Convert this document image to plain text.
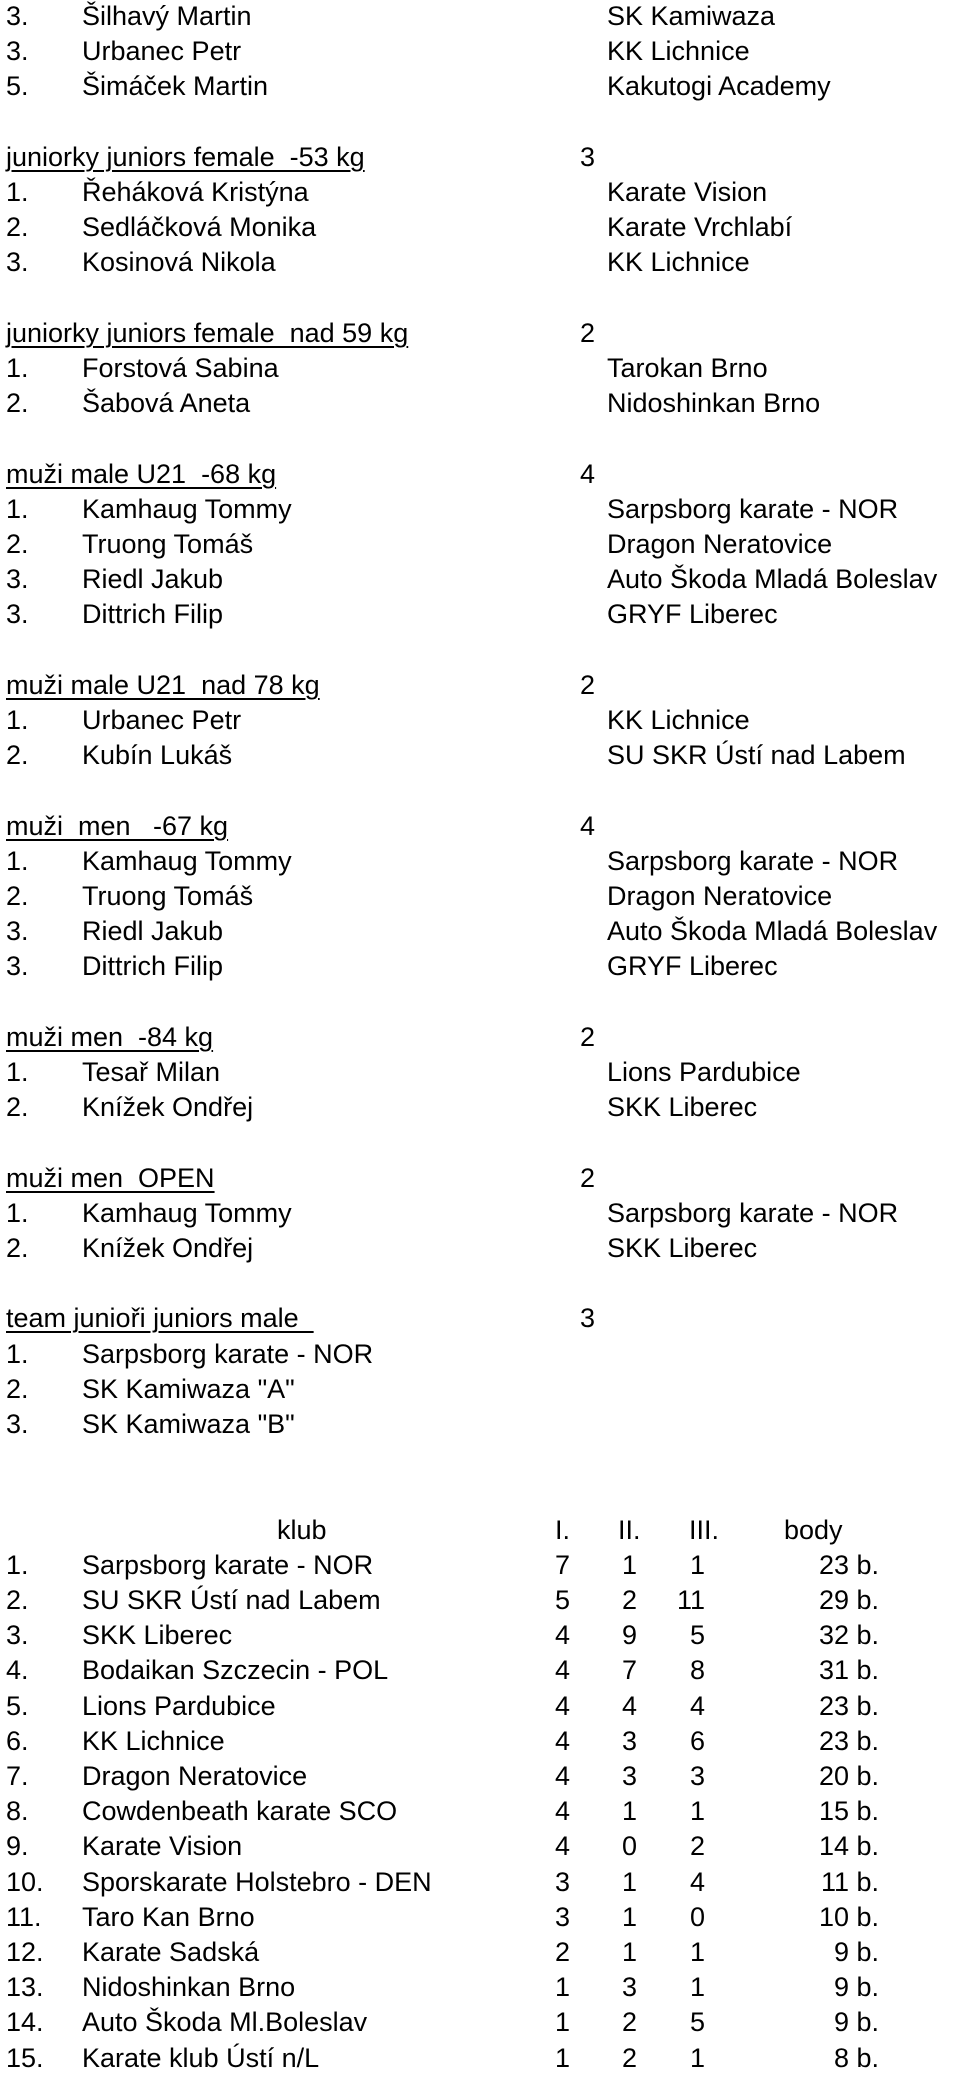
3. Šilhavý Martin	SK Kamiwaza
3. Urbanec Petr	KK Lichnice
5. Šimáček Martin	Kakutogi Academy
juniorky juniors female  -53 kg	3
1. Řeháková Kristýna	Karate Vision
2. Sedláčková Monika	Karate Vrchlabí
3. Kosinová Nikola	KK Lichnice
juniorky juniors female  nad 59 kg	2
1. Forstová Sabina	Tarokan Brno
2. Šabová Aneta	Nidoshinkan Brno
muži male U21  -68 kg	4
1. Kamhaug Tommy	Sarpsborg karate - NOR
2. Truong Tomáš	Dragon Neratovice
3. Riedl Jakub	Auto Škoda Mladá Boleslav
3. Dittrich Filip	GRYF Liberec
muži male U21  nad 78 kg	2
1. Urbanec Petr	KK Lichnice
2. Kubín Lukáš	SU SKR Ústí nad Labem
muži  men   -67 kg	4
1. Kamhaug Tommy	Sarpsborg karate - NOR
2. Truong Tomáš	Dragon Neratovice
3. Riedl Jakub	Auto Škoda Mladá Boleslav
3. Dittrich Filip	GRYF Liberec
muži men  -84 kg	2
1. Tesař Milan	Lions Pardubice
2. Knížek Ondřej	SKK Liberec
muži men  OPEN	2
1. Kamhaug Tommy	Sarpsborg karate - NOR
2. Knížek Ondřej	SKK Liberec
team junioři juniors male	3
1. Sarpsborg karate - NOR
2. SK Kamiwaza "A"
3. SK Kamiwaza "B"
klub	I. II. III. body
1. Sarpsborg karate - NOR	7 1 1	23 b.
2. SU SKR Ústí nad Labem	5 2 11	29 b.
3. SKK Liberec	4 9 5	32 b.
4. Bodaikan Szczecin - POL	4 7 8	31 b.
5. Lions Pardubice	4 4 4	23 b.
6. KK Lichnice	4 3 6	23 b.
7. Dragon Neratovice	4 3 3	20 b.
8. Cowdenbeath karate SCO	4 1 1	15 b.
9. Karate Vision	4 0 2	14 b.
10. Sporskarate Holstebro - DEN	3 1 4	11 b.
11. Taro Kan Brno	3 1 0	10 b.
12. Karate Sadská	2 1 1	9 b.
13. Nidoshinkan Brno	1 3 1	9 b.
14. Auto Škoda Ml.Boleslav	1 2 5	9 b.
15. Karate klub Ústí n/L	1 2 1	8 b.
